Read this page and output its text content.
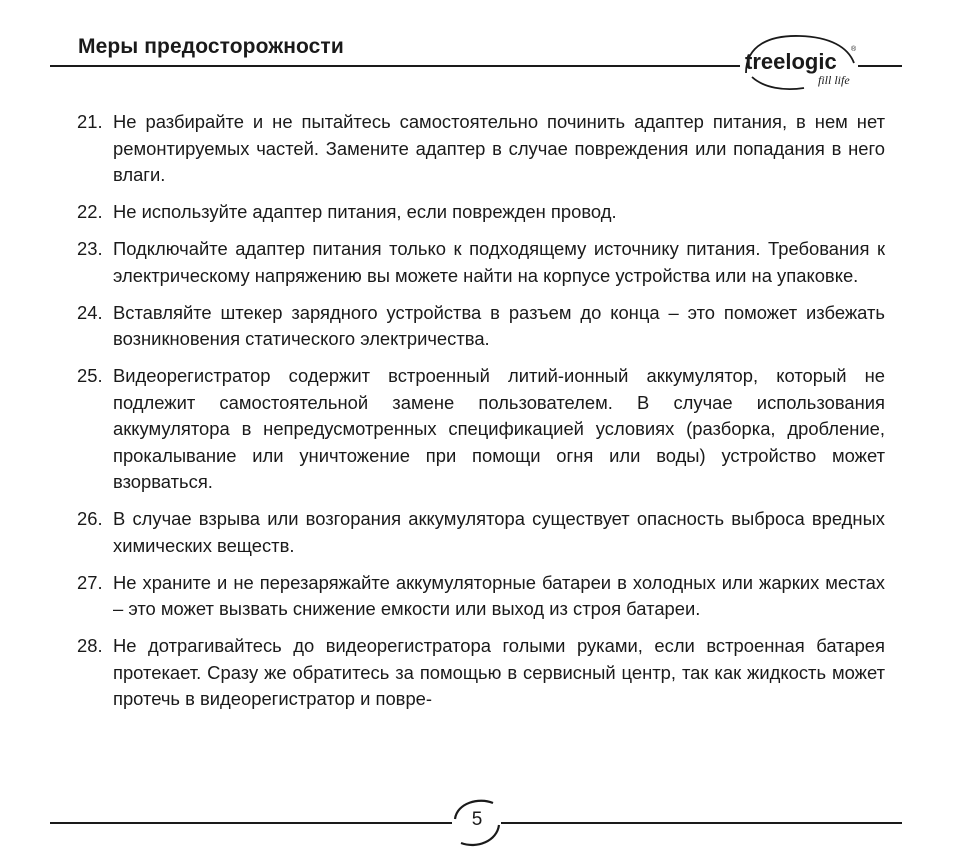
Меры предосторожности
treelogic ®
fill life
21. Не разбирайте и не пытайтесь самостоятельно починить адаптер питания, в нем нет ремонтируемых частей. Замените адаптер в случае повреждения или попадания в него влаги.
22. Не используйте адаптер питания, если поврежден провод.
23. Подключайте адаптер питания только к подходящему источнику питания. Требования к электрическому напряжению вы можете найти на корпусе устройства или на упаковке.
24. Вставляйте штекер зарядного устройства в разъем до конца – это поможет избежать возникновения статического электричества.
25. Видеорегистратор содержит встроенный литий-ионный аккумулятор, который не подлежит самостоятельной замене пользователем. В случае использования аккумулятора в непредусмотренных спецификацией условиях (разборка, дробление, прокалывание или уничтожение при помощи огня или воды) устройство может взорваться.
26. В случае взрыва или возгорания аккумулятора существует опасность выброса вредных химических веществ.
27. Не храните и не перезаряжайте аккумуляторные батареи в холодных или жарких местах – это может вызвать снижение емкости или выход из строя батареи.
28. Не дотрагивайтесь до видеорегистратора голыми руками, если встроенная батарея протекает. Сразу же обратитесь за помощью в сервисный центр, так как жидкость может протечь в видеорегистратор и повре-
5
